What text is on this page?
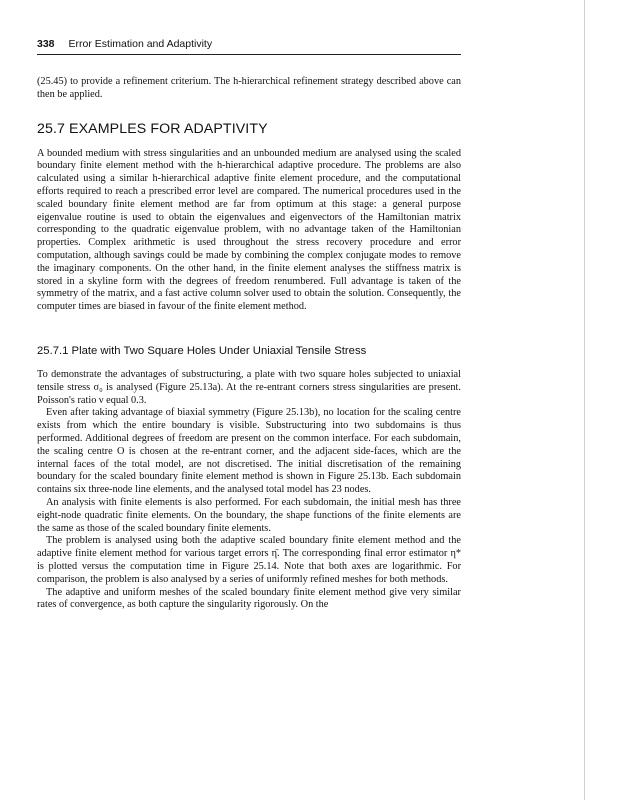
338 Error Estimation and Adaptivity

(25.45) to provide a refinement criterium. The h-hierarchical refinement strategy described above can then be applied.

25.7 EXAMPLES FOR ADAPTIVITY

A bounded medium with stress singularities and an unbounded medium are analysed using the scaled boundary finite element method with the h-hierarchical adaptive procedure. The problems are also calculated using a similar h-hierarchical adaptive finite element procedure, and the computational efforts required to reach a prescribed error level are compared. The numerical procedures used in the scaled boundary finite element method are far from optimum at this stage: a general purpose eigenvalue routine is used to obtain the eigenvalues and eigenvectors of the Hamiltonian matrix corresponding to the quadratic eigenvalue problem, with no advantage taken of the Hamiltonian properties. Complex arithmetic is used throughout the stress recovery procedure and error computation, although savings could be made by combining the complex conjugate modes to remove the imaginary components. On the other hand, in the finite element analyses the stiffness matrix is stored in a skyline form with the degrees of freedom renumbered. Full advantage is taken of the symmetry of the matrix, and a fast active column solver used to obtain the solution. Consequently, the computer times are biased in favour of the finite element method.

25.7.1 Plate with Two Square Holes Under Uniaxial Tensile Stress

To demonstrate the advantages of substructuring, a plate with two square holes subjected to uniaxial tensile stress σ₀ is analysed (Figure 25.13a). At the re-entrant corners stress singularities are present. Poisson's ratio ν equal 0.3.

Even after taking advantage of biaxial symmetry (Figure 25.13b), no location for the scaling centre exists from which the entire boundary is visible. Substructuring into two subdomains is thus performed. Additional degrees of freedom are present on the common interface. For each subdomain, the scaling centre O is chosen at the re-entrant corner, and the adjacent side-faces, which are the internal faces of the total model, are not discretised. The initial discretisation of the remaining boundary for the scaled boundary finite element method is shown in Figure 25.13b. Each subdomain contains six three-node line elements, and the analysed total model has 23 nodes.

An analysis with finite elements is also performed. For each subdomain, the initial mesh has three eight-node quadratic finite elements. On the boundary, the shape functions of the finite elements are the same as those of the scaled boundary finite elements.

The problem is analysed using both the adaptive scaled boundary finite element method and the adaptive finite element method for various target errors η̄. The corresponding final error estimator η* is plotted versus the computation time in Figure 25.14. Note that both axes are logarithmic. For comparison, the problem is also analysed by a series of uniformly refined meshes for both methods.

The adaptive and uniform meshes of the scaled boundary finite element method give very similar rates of convergence, as both capture the singularity rigorously. On the
